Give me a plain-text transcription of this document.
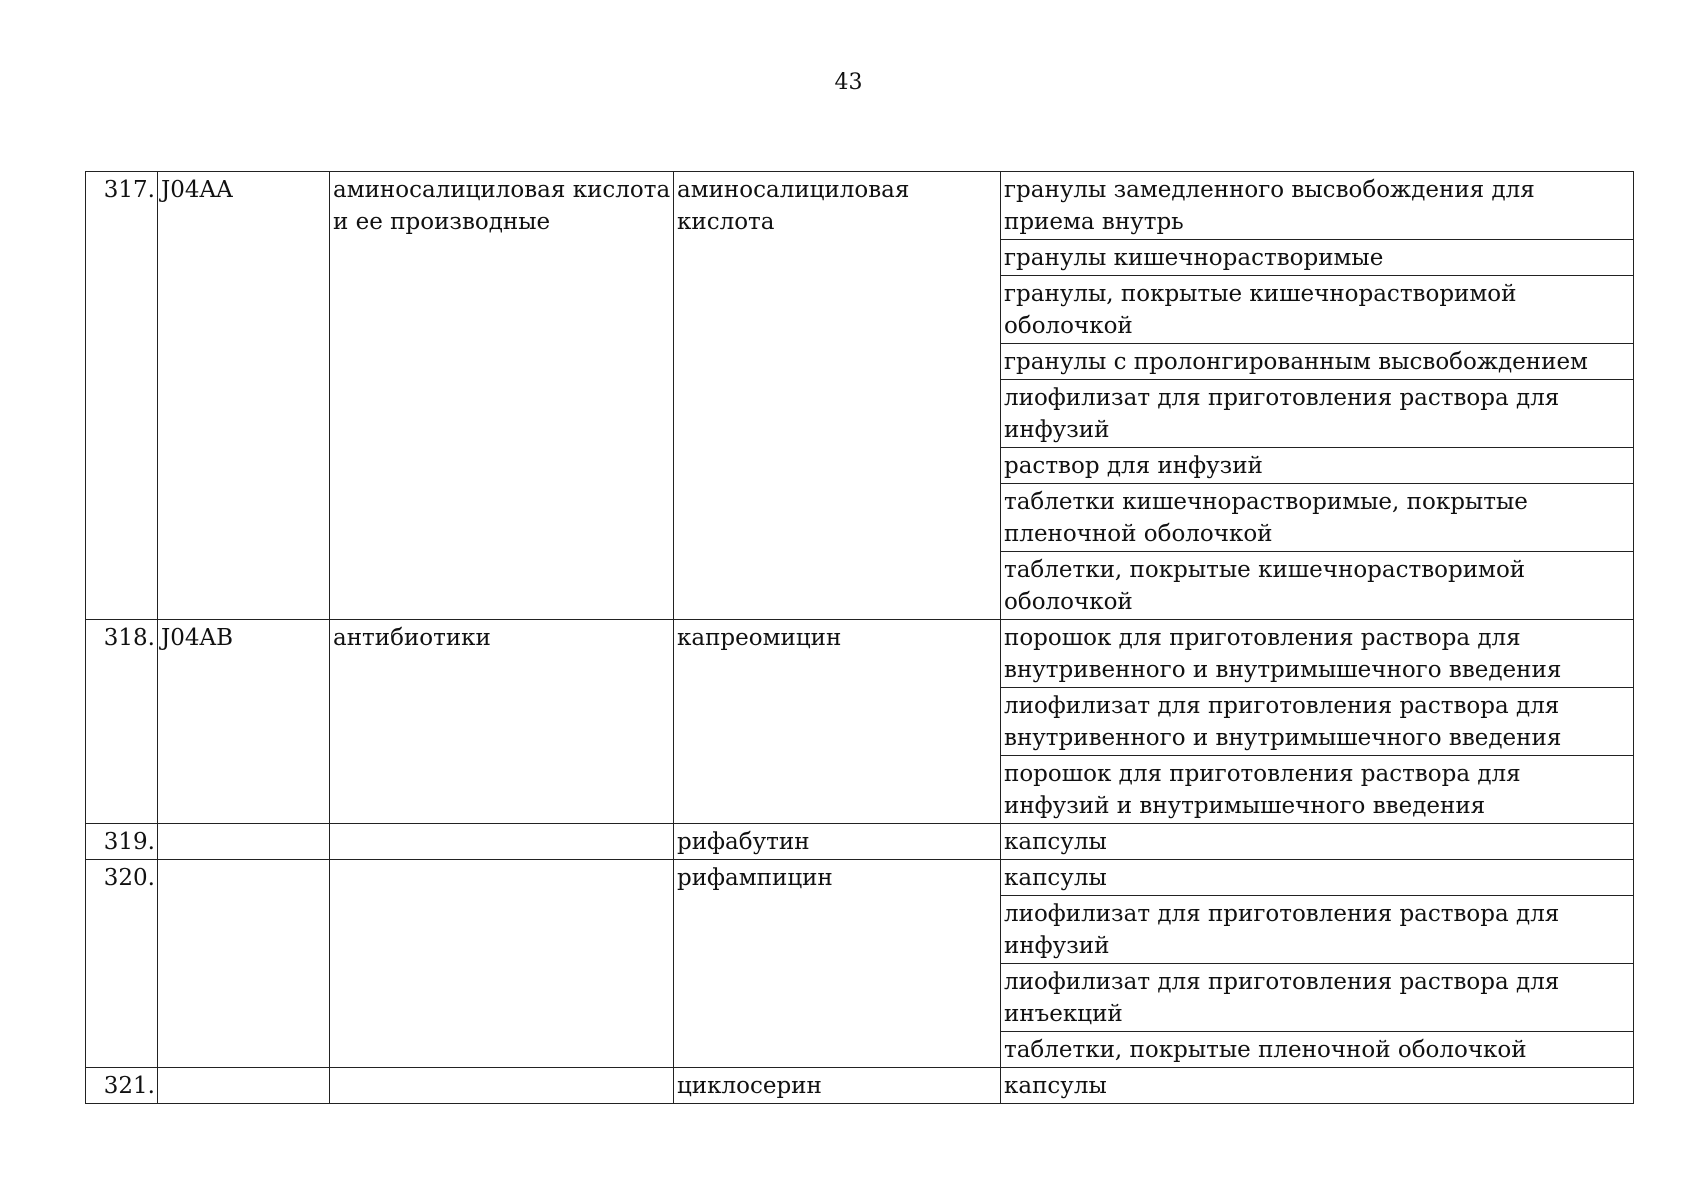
43
317.	J04AA	аминосалициловая кислота и ее производные	аминосалициловая кислота	гранулы замедленного высвобождения для приема внутрь
				гранулы кишечнорастворимые
				гранулы, покрытые кишечнорастворимой оболочкой
				гранулы с пролонгированным высвобождением
				лиофилизат для приготовления раствора для инфузий
				раствор для инфузий
				таблетки кишечнорастворимые, покрытые пленочной оболочкой
				таблетки, покрытые кишечнорастворимой оболочкой
318.	J04AB	антибиотики	капреомицин	порошок для приготовления раствора для внутривенного и внутримышечного введения
				лиофилизат для приготовления раствора для внутривенного и внутримышечного введения
				порошок для приготовления раствора для инфузий и внутримышечного введения
319.			рифабутин	капсулы
320.			рифампицин	капсулы
				лиофилизат для приготовления раствора для инфузий
				лиофилизат для приготовления раствора для инъекций
				таблетки, покрытые пленочной оболочкой
321.			циклосерин	капсулы
